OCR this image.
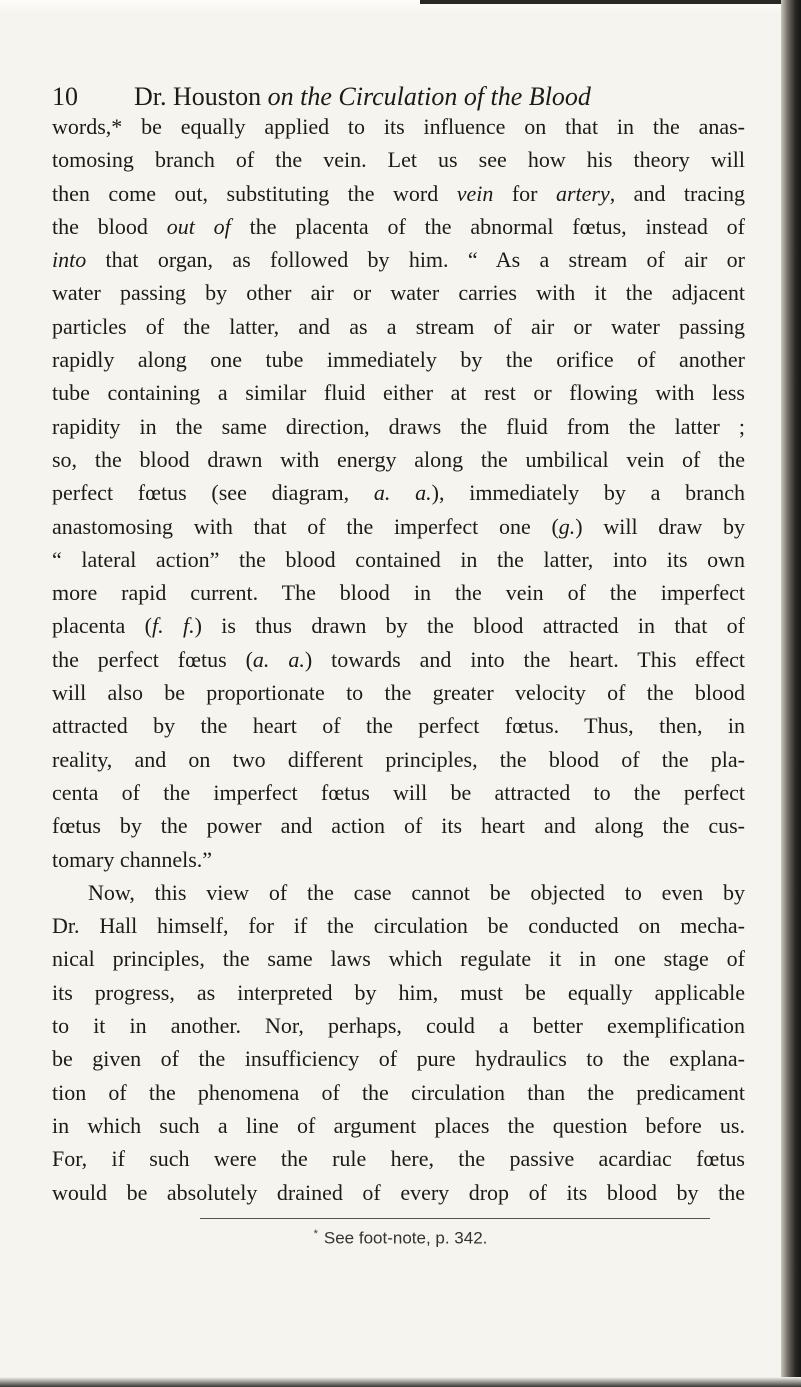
10 Dr. Houston on the Circulation of the Blood
words,* be equally applied to its influence on that in the anas-
tomosing branch of the vein. Let us see how his theory will
then come out, substituting the word vein for artery, and tracing
the blood out of the placenta of the abnormal fœtus, instead of
into that organ, as followed by him. “ As a stream of air or
water passing by other air or water carries with it the adjacent
particles of the latter, and as a stream of air or water passing
rapidly along one tube immediately by the orifice of another
tube containing a similar fluid either at rest or flowing with less
rapidity in the same direction, draws the fluid from the latter ;
so, the blood drawn with energy along the umbilical vein of the
perfect fœtus (see diagram, a. a.), immediately by a branch
anastomosing with that of the imperfect one (g.) will draw by
“ lateral action” the blood contained in the latter, into its own
more rapid current. The blood in the vein of the imperfect
placenta (f. f.) is thus drawn by the blood attracted in that of
the perfect fœtus (a. a.) towards and into the heart. This effect
will also be proportionate to the greater velocity of the blood
attracted by the heart of the perfect fœtus. Thus, then, in
reality, and on two different principles, the blood of the pla-
centa of the imperfect fœtus will be attracted to the perfect
fœtus by the power and action of its heart and along the cus-
tomary channels.”
Now, this view of the case cannot be objected to even by
Dr. Hall himself, for if the circulation be conducted on mecha-
nical principles, the same laws which regulate it in one stage of
its progress, as interpreted by him, must be equally applicable
to it in another. Nor, perhaps, could a better exemplification
be given of the insufficiency of pure hydraulics to the explana-
tion of the phenomena of the circulation than the predicament
in which such a line of argument places the question before us.
For, if such were the rule here, the passive acardiac fœtus
would be absolutely drained of every drop of its blood by the
* See foot-note, p. 342.
